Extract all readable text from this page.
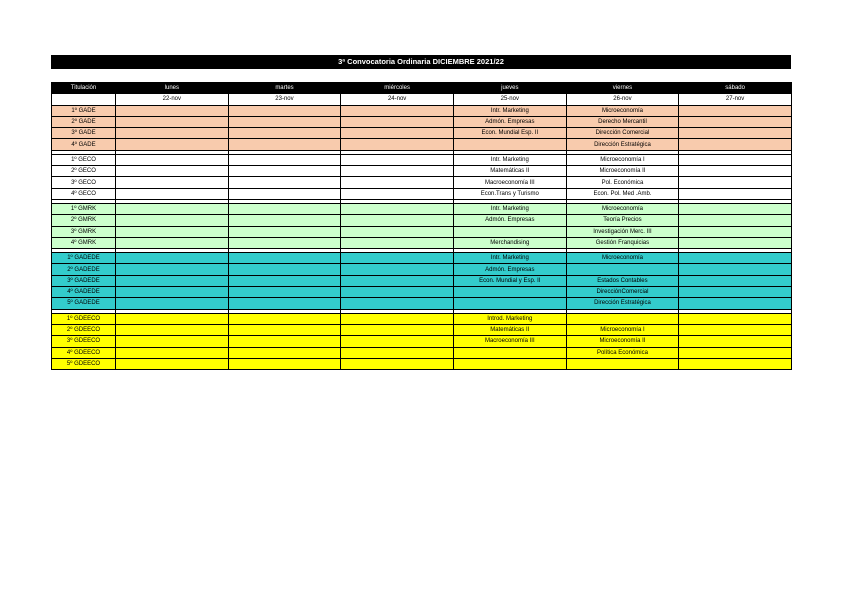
3ª Convocatoria Ordinaria DICIEMBRE 2021/22
Titulación	lunes	martes	miércoles	jueves	viernes	sábado
	22-nov	23-nov	24-nov	25-nov	26-nov	27-nov
1º GADE				Intr. Marketing	Microeconomía	
2º GADE				Admón. Empresas	Derecho Mercantil	
3º GADE				Econ. Mundial Esp. II	Dirección Comercial	
4º GADE					Dirección Estratégica	

1º GECO				Intr. Marketing	Microeconomía I	
2º GECO				Matemáticas II	Microeconomía II	
3º GECO				Macroeconomía III	Pol. Económica	
4º GECO				Econ.Trans y Turismo	Econ. Pol. Med .Amb.	

1º GMRK				Intr. Marketing	Microeconomía	
2º GMRK				Admón. Empresas	Teoría Precios	
3º GMRK					Investigación Merc. III	
4º GMRK				Merchandising	Gestión Franquicias	

1º GADEDE				Intr. Marketing	Microeconomía	
2º GADEDE				Admón. Empresas		
3º GADEDE				Econ. Mundial y Esp. II	Estados Contables	
4º GADEDE					DirecciónComercial	
5º GADEDE					Dirección Estratégica	

1º GDEECO				Introd. Marketing		
2º GDEECO				Matemáticas II	Microeconomía I	
3º GDEECO				Macroeconomía III	Microeconomía II	
4º GDEECO					Política Económica	
5º GDEECO						
